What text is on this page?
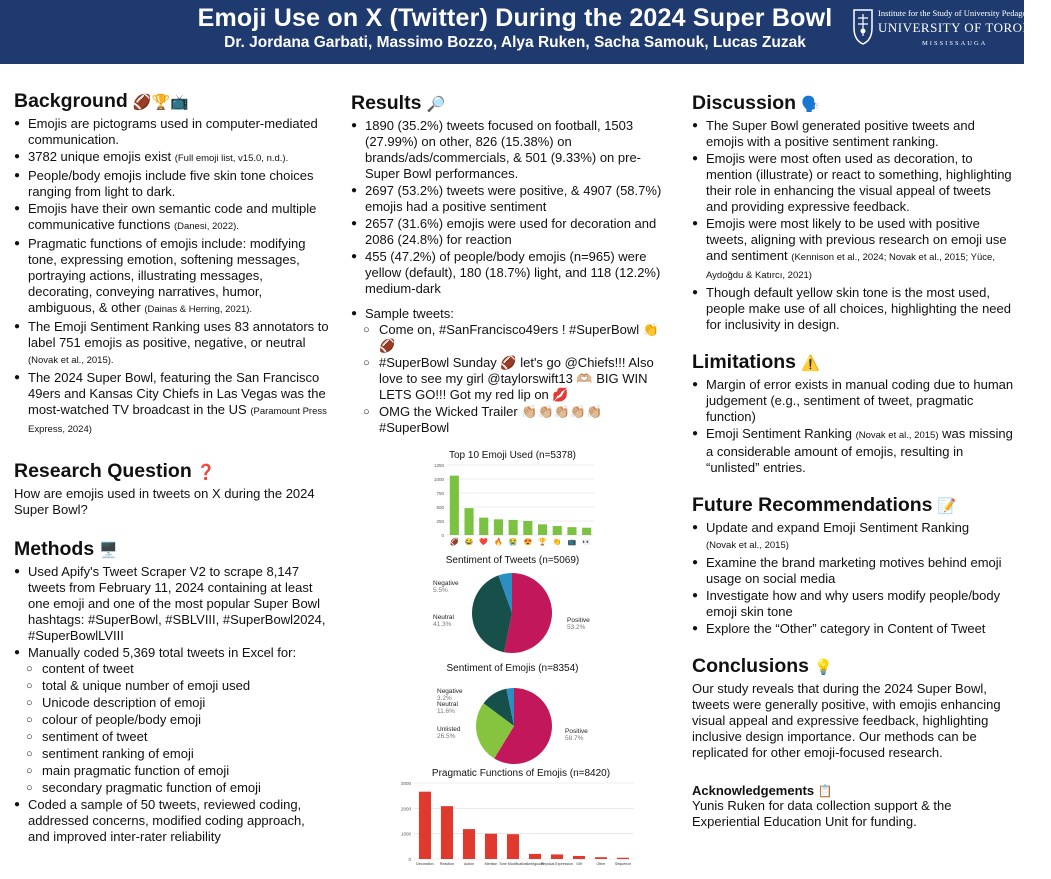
Emoji Use on X (Twitter) During the 2024 Super Bowl
Dr. Jordana Garbati, Massimo Bozzo, Alya Ruken, Sacha Samouk, Lucas Zuzak
Institute for the Study of University Pedagogy
UNIVERSITY OF TORONTO
MISSISSAUGA
Background 🏈🏆📺
● Emojis are pictograms used in computer-mediated communication.
● 3782 unique emojis exist (Full emoji list, v15.0, n.d.).
● People/body emojis include five skin tone choices ranging from light to dark.
● Emojis have their own semantic code and multiple communicative functions (Danesi, 2022).
● Pragmatic functions of emojis include: modifying tone, expressing emotion, softening messages, portraying actions, illustrating messages, decorating, conveying narratives, humor, ambiguous, & other (Dainas & Herring, 2021).
● The Emoji Sentiment Ranking uses 83 annotators to label 751 emojis as positive, negative, or neutral (Novak et al., 2015).
● The 2024 Super Bowl, featuring the San Francisco 49ers and Kansas City Chiefs in Las Vegas was the most-watched TV broadcast in the US (Paramount Press Express, 2024)
Research Question ❓

How are emojis used in tweets on X during the 2024 Super Bowl?

Methods 🖥️
● Used Apify's Tweet Scraper V2 to scrape 8,147 tweets from February 11, 2024 containing at least one emoji and one of the most popular Super Bowl hashtags: #SuperBowl, #SBLVIII, #SuperBowl2024, #SuperBowlLVIII
● Manually coded 5,369 total tweets in Excel for:
○ content of tweet
○ total & unique number of emoji used
○ Unicode description of emoji
○ colour of people/body emoji
○ sentiment of tweet
○ sentiment ranking of emoji
○ main pragmatic function of emoji
○ secondary pragmatic function of emoji
● Coded a sample of 50 tweets, reviewed coding, addressed concerns, modified coding approach, and improved inter-rater reliability
Results 🔎
● 1890 (35.2%) tweets focused on football, 1503 (27.99%) on other, 826 (15.38%) on brands/ads/commercials, & 501 (9.33%) on pre-Super Bowl performances.
● 2697 (53.2%) tweets were positive, & 4907 (58.7%) emojis had a positive sentiment
● 2657 (31.6%) emojis were used for decoration and 2086 (24.8%) for reaction
● 455 (47.2%) of people/body emojis (n=965) were yellow (default), 180 (18.7%) light, and 118 (12.2%) medium-dark
● Sample tweets:
○ Come on, #SanFrancisco49ers ! #SuperBowl 👏🏈
○ #SuperBowl Sunday 🏈 let's go @Chiefs!!! Also love to see my girl @taylorswift13 🫶🏼 BIG WIN LETS GO!!! Got my red lip on 💋
○ OMG the Wicked Trailer 👏🏼👏🏼👏🏼👏🏼👏🏼 #SuperBowl
Top 10 Emoji Used (n=5378)
1250
1000
750
500
250
0
🏈 😂 ❤️ 🔥 😭 😍 🏆 👏 📺 👀
Sentiment of Tweets (n=5069)
Positive
53.2%
Neutral
41.3%
Negative
5.5%
Sentiment of Emojis (n=8354)
Positive
58.7%
Unlisted
26.5%
Neutral
11.6%
Negative
3.2%
Pragmatic Functions of Emojis (n=8420)
3000
2000
1000
0
Decoration Reaction	Action	Mention Tone Modification Ambiguous
Physical Expression Gift	Other	Sequence
Discussion 🗣️
● The Super Bowl generated positive tweets and emojis with a positive sentiment ranking.
● Emojis were most often used as decoration, to mention (illustrate) or react to something, highlighting their role in enhancing the visual appeal of tweets and providing expressive feedback.
● Emojis were most likely to be used with positive tweets, aligning with previous research on emoji use and sentiment (Kennison et al., 2024; Novak et al., 2015; Yüce, Aydoğdu & Katırcı, 2021)
● Though default yellow skin tone is the most used, people make use of all choices, highlighting the need for inclusivity in design.
Limitations ⚠️
● Margin of error exists in manual coding due to human judgement (e.g., sentiment of tweet, pragmatic function)
● Emoji Sentiment Ranking (Novak et al., 2015) was missing a considerable amount of emojis, resulting in “unlisted” entries.
Future Recommendations 📝
● Update and expand Emoji Sentiment Ranking
(Novak et al., 2015)
● Examine the brand marketing motives behind emoji usage on social media
● Investigate how and why users modify people/body emoji skin tone
● Explore the “Other” category in Content of Tweet
Conclusions 💡

Our study reveals that during the 2024 Super Bowl, tweets were generally positive, with emojis enhancing visual appeal and expressive feedback, highlighting inclusive design importance. Our methods can be replicated for other emoji-focused research.

Acknowledgements 📋

Yunis Ruken for data collection support & the Experiential Education Unit for funding.
